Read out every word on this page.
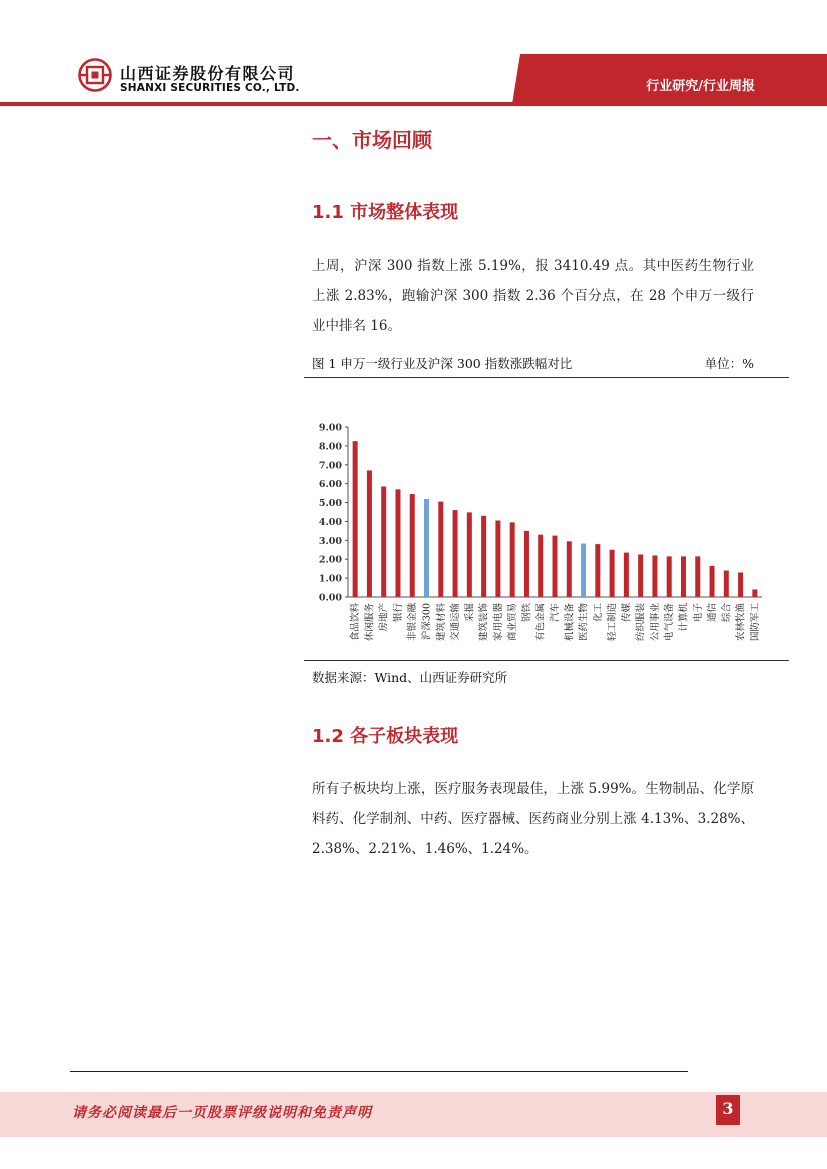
山西证券股份有限公司
SHANXI SECURITIES CO., LTD.	行业研究/行业周报
一、市场回顾
1.1 市场整体表现
上周，沪深 300 指数上涨 5.19%，报 3410.49 点。其中医药生物行业上涨 2.83%，跑输沪深 300 指数 2.36 个百分点，在 28 个申万一级行业中排名 16。
图 1 申万一级行业及沪深 300 指数涨跌幅对比	单位：%
9.00
8.00
7.00
6.00
5.00
4.00
3.00
2.00
1.00
0.00
食品饮料 休闲服务 房地产 银行 非银金融 沪深300 建筑材料 交通运输 采掘 建筑装饰 家用电器 商业贸易 钢铁 有色金属 汽车 机械设备 医药生物 化工 轻工制造 传媒 纺织服装 公用事业 电气设备 计算机 电子 通信 综合 农林牧渔 国防军工
数据来源：Wind、山西证券研究所
1.2 各子板块表现
所有子板块均上涨，医疗服务表现最佳，上涨 5.99%。生物制品、化学原料药、化学制剂、中药、医疗器械、医药商业分别上涨 4.13%、3.28%、2.38%、2.21%、1.46%、1.24%。
请务必阅读最后一页股票评级说明和免责声明	3
